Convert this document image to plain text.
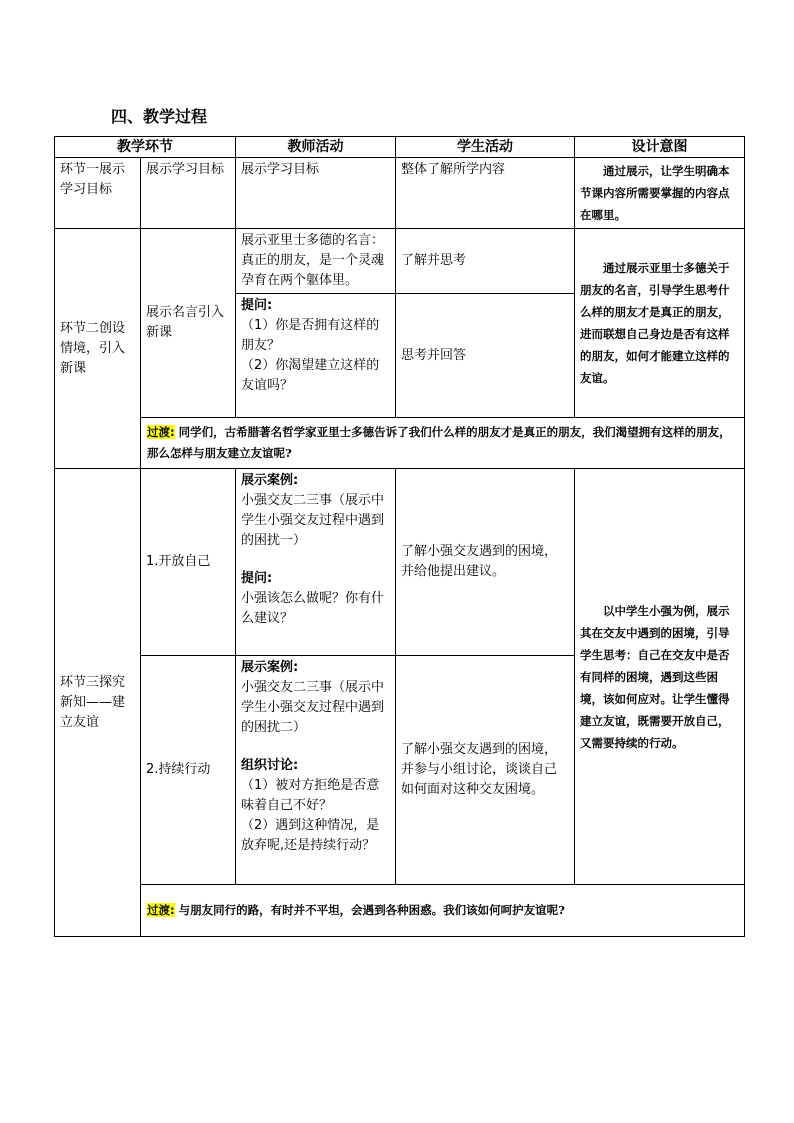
四、教学过程
教学环节		教师活动	学生活动	设计意图
环节一展示学习目标	展示学习目标	展示学习目标	整体了解所学内容	通过展示，让学生明确本节课内容所需要掌握的内容点在哪里。
环节二创设情境，引入新课	展示名言引入新课	展示亚里士多德的名言：真正的朋友，是一个灵魂孕育在两个躯体里。	了解并思考	通过展示亚里士多德关于朋友的名言，引导学生思考什么样的朋友才是真正的朋友，进而联想自己身边是否有这样的朋友，如何才能建立这样的友谊。

		提问:

（1）你是否拥有这样的朋友？

（2）你渴望建立这样的友谊吗？	思考并回答	
	过渡: 同学们，古希腊著名哲学家亚里士多德告诉了我们什么样的朋友才是真正的朋友，我们渴望拥有这样的朋友，那么怎样与朋友建立友谊呢?			
环节三探究新知——建立友谊	1.开放自己	展示案例:

小强交友二三事（展示中学生小强交友过程中遇到的困扰一）

提问:

小强该怎么做呢？你有什么建议？	了解小强交友遇到的困境，并给他提出建议。	以中学生小强为例，展示其在交友中遇到的困境，引导学生思考：自己在交友中是否有同样的困境，遇到这些困境，该如何应对。让学生懂得建立友谊，既需要开放自己，又需要持续的行动。
	2.持续行动	展示案例:

小强交友二三事（展示中学生小强交友过程中遇到的困扰二）

组织讨论:

（1）被对方拒绝是否意味着自己不好？

（2）遇到这种情况，是放弃呢,还是持续行动？	了解小强交友遇到的困境，并参与小组讨论，谈谈自己如何面对这种交友困境。	
	过渡: 与朋友同行的路，有时并不平坦，会遇到各种困惑。我们该如何呵护友谊呢?			
